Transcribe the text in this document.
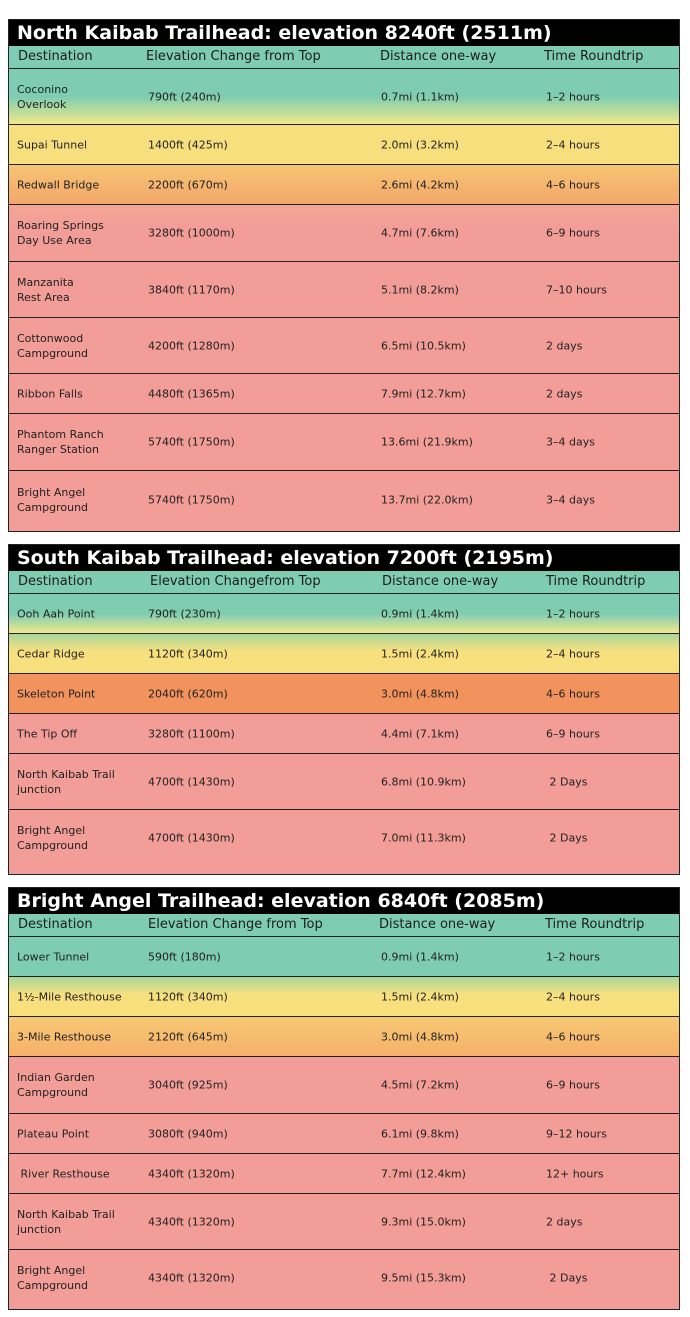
North Kaibab Trailhead: elevation 8240ft (2511m)
Destination	Elevation Change from Top	Distance one-way	Time Roundtrip
Coconino
Overlook
790ft (240m)	0.7mi (1.1km)	1–2 hours
Supai Tunnel	1400ft (425m)	2.0mi (3.2km)	2–4 hours
Redwall Bridge	2200ft (670m)	2.6mi (4.2km)	4–6 hours
Roaring Springs
Day Use Area
3280ft (1000m)	4.7mi (7.6km)	6–9 hours
Manzanita
Rest Area
3840ft (1170m)	5.1mi (8.2km)	7–10 hours
Cottonwood
Campground
4200ft (1280m)	6.5mi (10.5km)	2 days
Ribbon Falls	4480ft (1365m)	7.9mi (12.7km)	2 days
Phantom Ranch
Ranger Station
5740ft (1750m)	13.6mi (21.9km)	3–4 days
Bright Angel
Campground
5740ft (1750m)	13.7mi (22.0km)	3–4 days
South Kaibab Trailhead: elevation 7200ft (2195m)
Destination	Elevation Changefrom Top	Distance one-way	Time Roundtrip
Ooh Aah Point	790ft (230m)	0.9mi (1.4km)	1–2 hours
Cedar Ridge	1120ft (340m)	1.5mi (2.4km)	2–4 hours
Skeleton Point	2040ft (620m)	3.0mi (4.8km)	4–6 hours
The Tip Off	3280ft (1100m)	4.4mi (7.1km)	6–9 hours
North Kaibab Trail
junction
4700ft (1430m)	6.8mi (10.9km)	2 Days
Bright Angel
Campground
4700ft (1430m)	7.0mi (11.3km)	2 Days
Bright Angel Trailhead: elevation 6840ft (2085m)
Destination	Elevation Change from Top	Distance one-way	Time Roundtrip
Lower Tunnel	590ft (180m)	0.9mi (1.4km)	1–2 hours
1½-Mile Resthouse 1120ft (340m)	1.5mi (2.4km)	2–4 hours
3-Mile Resthouse	2120ft (645m)	3.0mi (4.8km)	4–6 hours
Indian Garden
Campground
3040ft (925m)	4.5mi (7.2km)	6–9 hours
Plateau Point	3080ft (940m)	6.1mi (9.8km)	9–12 hours
River Resthouse	4340ft (1320m)	7.7mi (12.4km)	12+ hours
North Kaibab Trail
junction
4340ft (1320m)	9.3mi (15.0km)	2 days
Bright Angel
Campground
4340ft (1320m)	9.5mi (15.3km)	2 Days
